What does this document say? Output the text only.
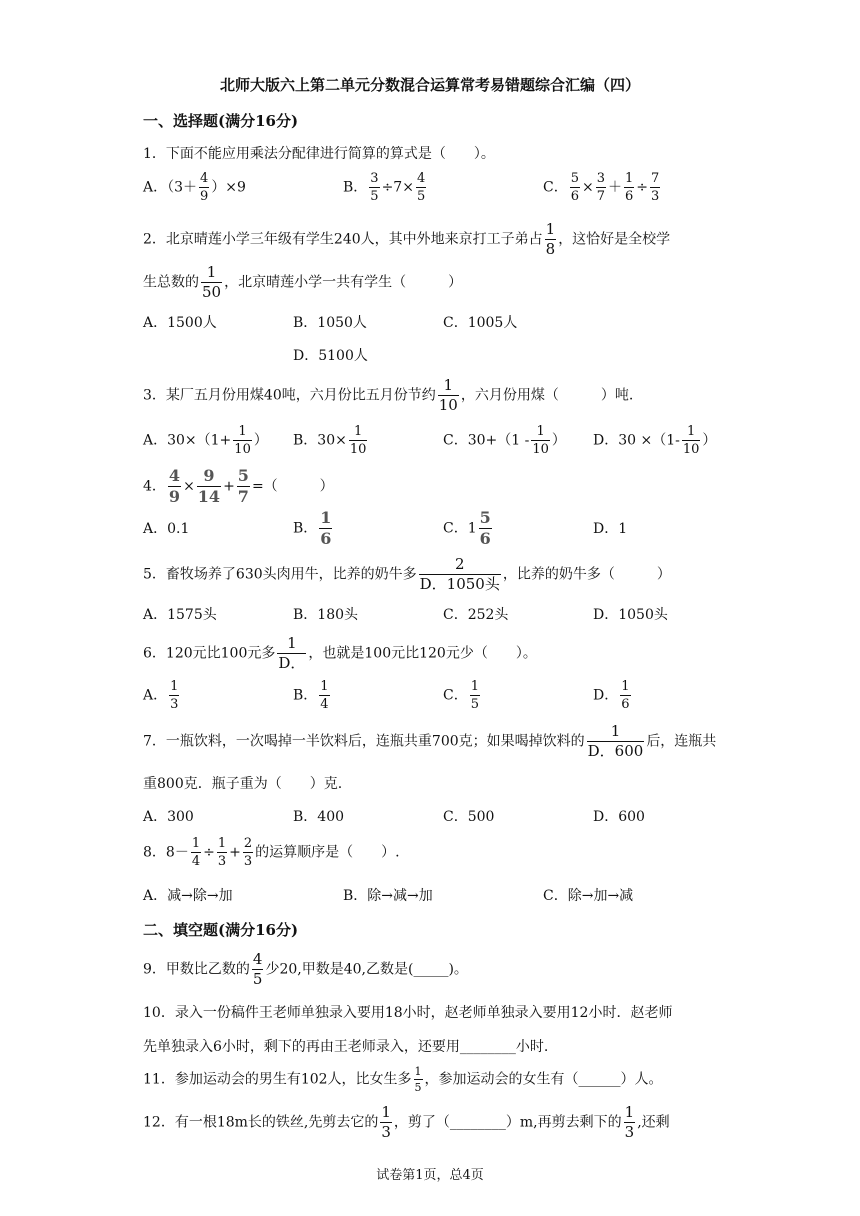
北师大版六上第二单元分数混合运算常考易错题综合汇编（四）
一、选择题(满分16分)
1．下面不能应用乘法分配律进行简算的算式是（　　）。
A．$(3+ \frac{4}{9} )\times 9$	B． $\frac{3}{5} \div 7\times \frac{4}{5}$	C． $\frac{5}{6} \times \frac{3}{7} + \frac{1}{6} \div \frac{7}{3}$
2．北京晴莲小学三年级有学生240人，其中外地来京打工子弟占 $\frac{1}{8}$ ，这恰好是全校学
生总数的 $\frac{1}{50}$ ，北京晴莲小学一共有学生（　　　）
A．1500人	B．1050人	C．1005人
D．5100人
3．某厂五月份用煤40吨，六月份比五月份节约 $\frac{1}{10}$ ，六月份用煤（　　　）吨.
A．$30\times(1+ \frac{1}{10}$ ） B．$30\times \frac{1}{10}$	C．$30+(1 - \frac{1}{10}$ ） D．$30 \times(1- \frac{1}{10}$ ）
4． $\frac{4}{9} \times \frac{9}{14} + \frac{5}{7}$ =（　　　）
A．0.1	B． $\frac{1}{6}$	C．$1 \frac{5}{6}$	D．1
5．畜牧场养了630头肉用牛，比养的奶牛多 $\frac{2}{\text{D．1050头}}$ ，比养的奶牛多（　　　）
A．1575头	B．180头	C．252头	D．1050头
6．120元比100元多 $\frac{1}{D.}$ ，也就是100元比120元少（　　）。
A． $\frac{1}{3}$	B． $\frac{1}{4}$	C． $\frac{1}{5}$	D． $\frac{1}{6}$
7．一瓶饮料，一次喝掉一半饮料后，连瓶共重700克；如果喝掉饮料的 $\frac{1}{D.600}$ 后，连瓶共
重800克．瓶子重为（　　）克.
A．300	B．400	C．500	D．600
8．$8- \frac{1}{4} \div \frac{1}{3} + \frac{2}{3}$ 的运算顺序是（　　）.
A．减→除→加	B．除→减→加	C．除→加→减
二、填空题(满分16分)
9．甲数比乙数的 $\frac{4}{5}$ 少20,甲数是40,乙数是(_____)。
10．录入一份稿件王老师单独录入要用18小时，赵老师单独录入要用12小时．赵老师
先单独录入6小时，剩下的再由王老师录入，还要用________小时.
11．参加运动会的男生有102人，比女生多 $\frac{1}{5}$ ，参加运动会的女生有（______）人。
12．有一根18m长的铁丝,先剪去它的 $\frac{1}{3}$ ，剪了（________）m,再剪去剩下的 $\frac{1}{3}$ ,还剩
试卷第1页，总4页
